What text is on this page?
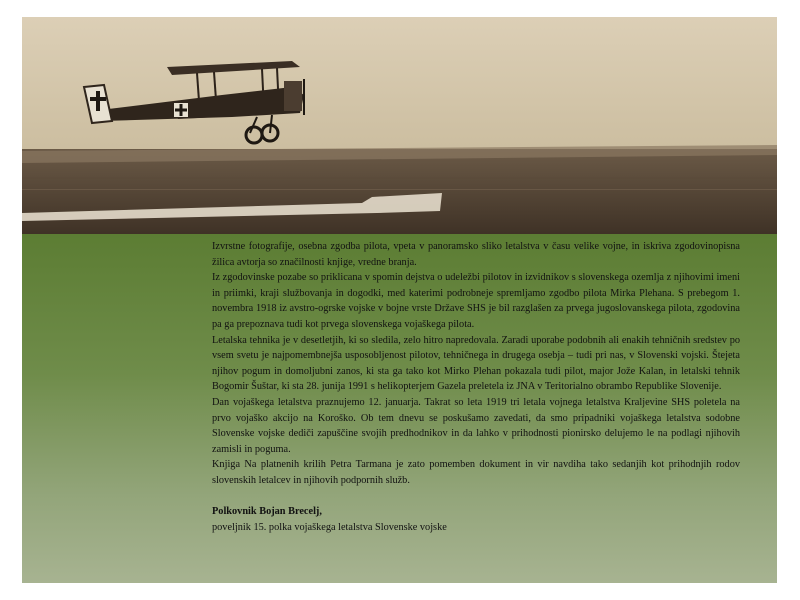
Izvrstne fotografije, osebna zgodba pilota, vpeta v panoramsko sliko letalstva v času velike vojne, in iskriva zgodovinopisna žilica avtorja so značilnosti knjige, vredne branja.

Iz zgodovinske pozabe so priklicana v spomin dejstva o udeležbi pilotov in izvidnikov s slovenskega ozemlja z njihovimi imeni in priimki, kraji službovanja in dogodki, med katerimi podrobneje spremljamo zgodbo pilota Mirka Plehana. S prebegom 1. novembra 1918 iz avstro-ogrske vojske v bojne vrste Države SHS je bil razglašen za prvega jugoslovanskega pilota, zgodovina pa ga prepoznava tudi kot prvega slovenskega vojaškega pilota.

Letalska tehnika je v desetletjih, ki so sledila, zelo hitro napredovala. Zaradi uporabe podobnih ali enakih tehničnih sredstev po vsem svetu je najpomembnejša usposobljenost pilotov, tehničnega in drugega osebja – tudi pri nas, v Slovenski vojski. Štejeta njihov pogum in domoljubni zanos, ki sta ga tako kot Mirko Plehan pokazala tudi pilot, major Jože Kalan, in letalski tehnik Bogomir Šuštar, ki sta 28. junija 1991 s helikopterjem Gazela preletela iz JNA v Teritorialno obrambo Republike Slovenije.

Dan vojaškega letalstva praznujemo 12. januarja. Takrat so leta 1919 tri letala vojnega letalstva Kraljevine SHS poletela na prvo vojaško akcijo na Koroško. Ob tem dnevu se poskušamo zavedati, da smo pripadniki vojaškega letalstva sodobne Slovenske vojske dediči zapuščine svojih predhodnikov in da lahko v prihodnosti pionirsko delujemo le na podlagi njihovih zamisli in poguma.

Knjiga Na platnenih krilih Petra Tarmana je zato pomemben dokument in vir navdiha tako sedanjih kot prihodnjih rodov slovenskih letalcev in njihovih podpornih služb.

Polkovnik Bojan Brecelj,

poveljnik 15. polka vojaškega letalstva Slovenske vojske
